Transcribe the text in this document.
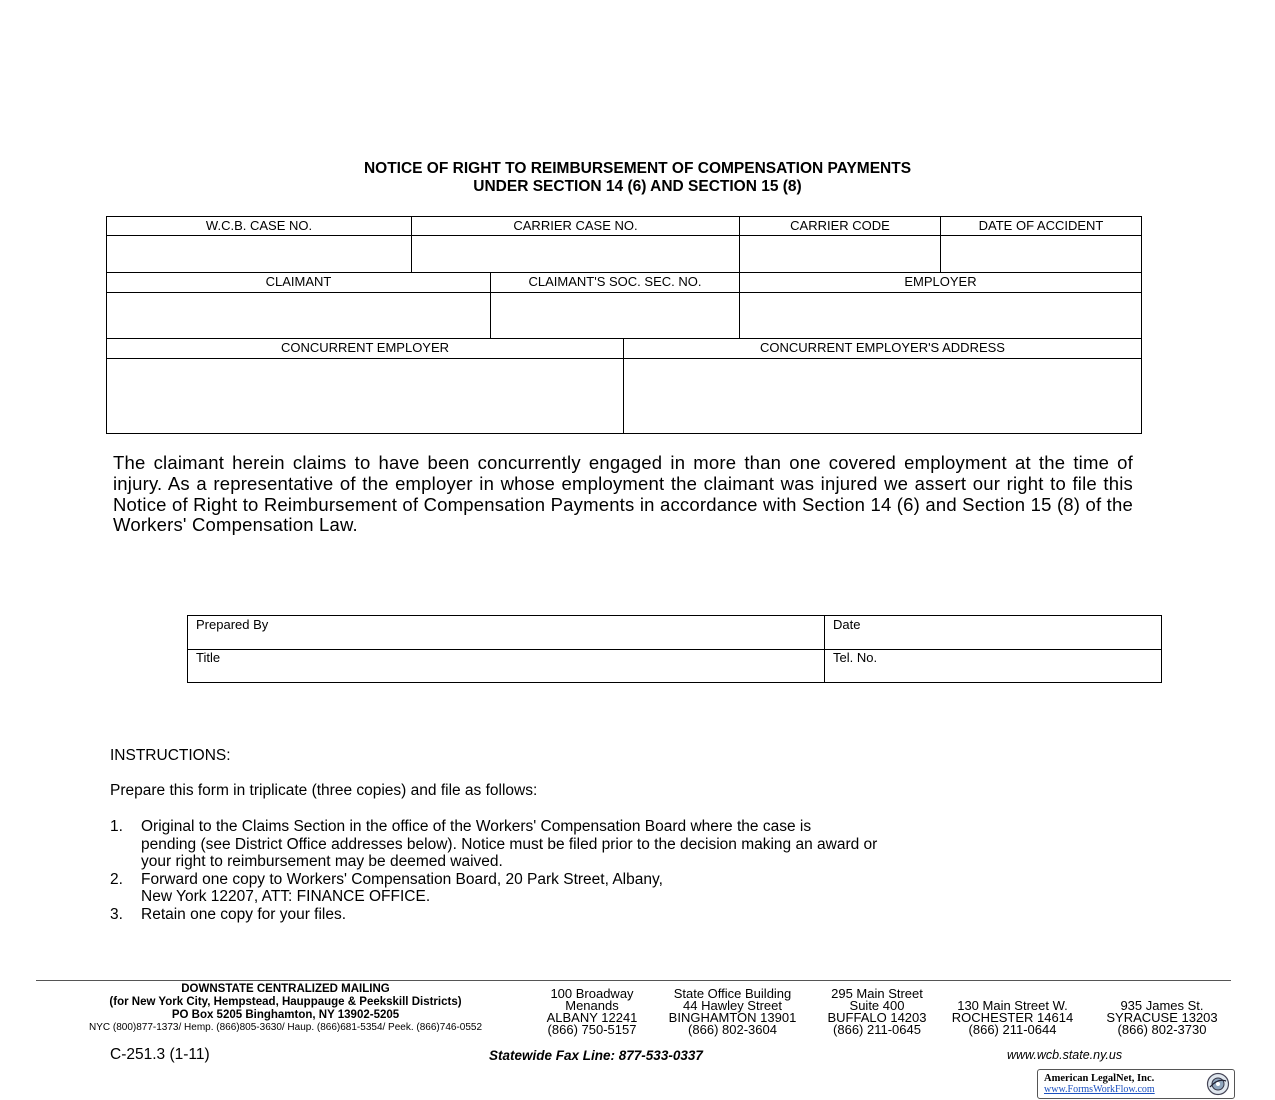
NOTICE OF RIGHT TO REIMBURSEMENT OF COMPENSATION PAYMENTS
UNDER SECTION 14 (6) AND SECTION 15 (8)
W.C.B. CASE NO.	CARRIER CASE NO.	CARRIER CODE	DATE OF ACCIDENT
CLAIMANT	CLAIMANT'S SOC. SEC. NO.	EMPLOYER
CONCURRENT EMPLOYER	CONCURRENT EMPLOYER'S ADDRESS
The claimant herein claims to have been concurrently engaged in more than one covered employment at the time of injury. As a representative of the employer in whose employment the claimant was injured we assert our right to file this Notice of Right to Reimbursement of Compensation Payments in accordance with Section 14 (6) and Section 15 (8) of the Workers' Compensation Law.
Prepared By	Date
Title	Tel. No.
INSTRUCTIONS:
Prepare this form in triplicate (three copies) and file as follows:
1. Original to the Claims Section in the office of the Workers' Compensation Board where the case is
pending (see District Office addresses below). Notice must be filed prior to the decision making an award or
your right to reimbursement may be deemed waived.
2. Forward one copy to Workers' Compensation Board, 20 Park Street, Albany,
New York 12207, ATT: FINANCE OFFICE.
3. Retain one copy for your files.
DOWNSTATE CENTRALIZED MAILING
(for New York City, Hempstead, Hauppauge & Peekskill Districts)
PO Box 5205 Binghamton, NY 13902-5205
NYC (800)877-1373/ Hemp. (866)805-3630/ Haup. (866)681-5354/ Peek. (866)746-0552
100 Broadway
Menands
ALBANY 12241
(866) 750-5157
State Office Building
44 Hawley Street
BINGHAMTON 13901
(866) 802-3604
295 Main Street
Suite 400
BUFFALO 14203
(866) 211-0645
130 Main Street W.
ROCHESTER 14614
(866) 211-0644
935 James St.
SYRACUSE 13203
(866) 802-3730
C-251.3 (1-11)	Statewide Fax Line: 877-533-0337	www.wcb.state.ny.us
American LegalNet, Inc.
www.FormsWorkFlow.com
